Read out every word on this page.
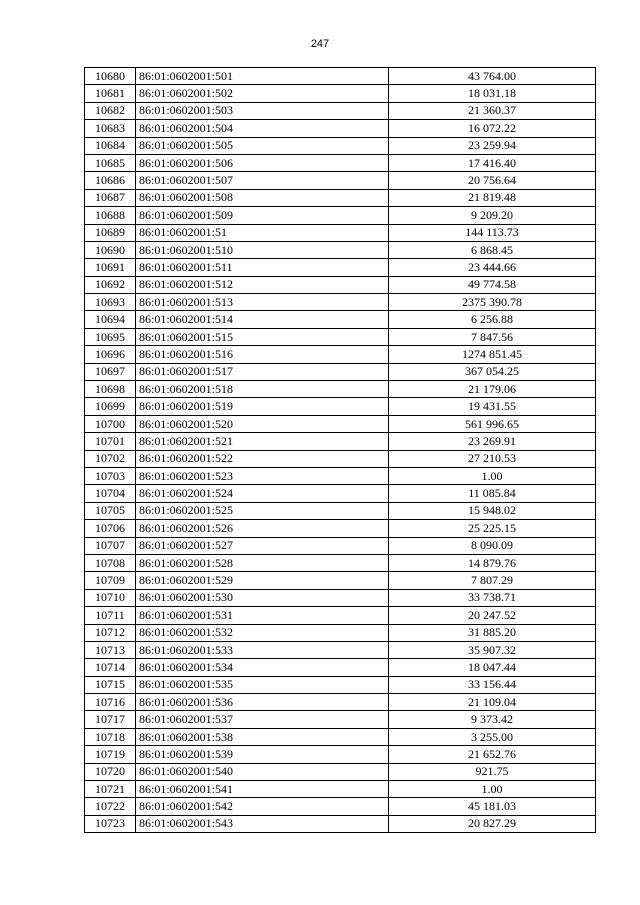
247
10680	86:01:0602001:501	43 764.00
10681	86:01:0602001:502	18 031.18
10682	86:01:0602001:503	21 360.37
10683	86:01:0602001:504	16 072.22
10684	86:01:0602001:505	23 259.94
10685	86:01:0602001:506	17 416.40
10686	86:01:0602001:507	20 756.64
10687	86:01:0602001:508	21 819.48
10688	86:01:0602001:509	9 209.20
10689	86:01:0602001:51	144 113.73
10690	86:01:0602001:510	6 868.45
10691	86:01:0602001:511	23 444.66
10692	86:01:0602001:512	49 774.58
10693	86:01:0602001:513	2375 390.78
10694	86:01:0602001:514	6 256.88
10695	86:01:0602001:515	7 847.56
10696	86:01:0602001:516	1274 851.45
10697	86:01:0602001:517	367 054.25
10698	86:01:0602001:518	21 179.06
10699	86:01:0602001:519	19 431.55
10700	86:01:0602001:520	561 996.65
10701	86:01:0602001:521	23 269.91
10702	86:01:0602001:522	27 210.53
10703	86:01:0602001:523	1.00
10704	86:01:0602001:524	11 085.84
10705	86:01:0602001:525	15 948.02
10706	86:01:0602001:526	25 225.15
10707	86:01:0602001:527	8 090.09
10708	86:01:0602001:528	14 879.76
10709	86:01:0602001:529	7 807.29
10710	86:01:0602001:530	33 738.71
10711	86:01:0602001:531	20 247.52
10712	86:01:0602001:532	31 885.20
10713	86:01:0602001:533	35 907.32
10714	86:01:0602001:534	18 047.44
10715	86:01:0602001:535	33 156.44
10716	86:01:0602001:536	21 109.04
10717	86:01:0602001:537	9 373.42
10718	86:01:0602001:538	3 255.00
10719	86:01:0602001:539	21 652.76
10720	86:01:0602001:540	921.75
10721	86:01:0602001:541	1.00
10722	86:01:0602001:542	45 181.03
10723	86:01:0602001:543	20 827.29
